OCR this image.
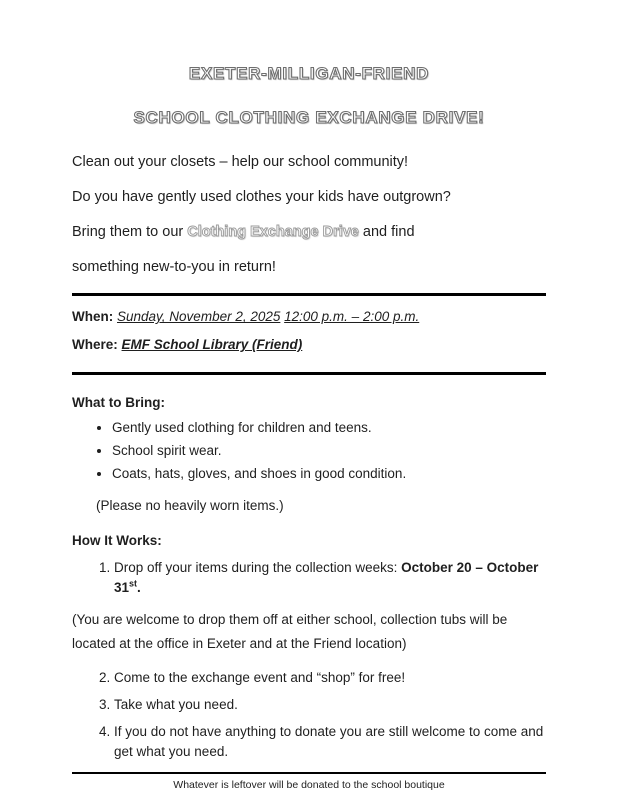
EXETER-MILLIGAN-FRIEND
SCHOOL CLOTHING EXCHANGE DRIVE!

Clean out your closets – help our school community!

Do you have gently used clothes your kids have outgrown?

Bring them to our Clothing Exchange Drive and find

something new-to-you in return!

When: Sunday, November 2, 2025 12:00 p.m. – 2:00 p.m.

Where: EMF School Library (Friend)

What to Bring:

• Gently used clothing for children and teens.
• School spirit wear.
• Coats, hats, gloves, and shoes in good condition.

(Please no heavily worn items.)

How It Works:

1. Drop off your items during the collection weeks: October 20 – October 31st.

(You are welcome to drop them off at either school, collection tubs will be located at the office in Exeter and at the Friend location)

2. Come to the exchange event and “shop” for free!
3. Take what you need.
4. If you do not have anything to donate you are still welcome to come and get what you need.

Whatever is leftover will be donated to the school boutique
